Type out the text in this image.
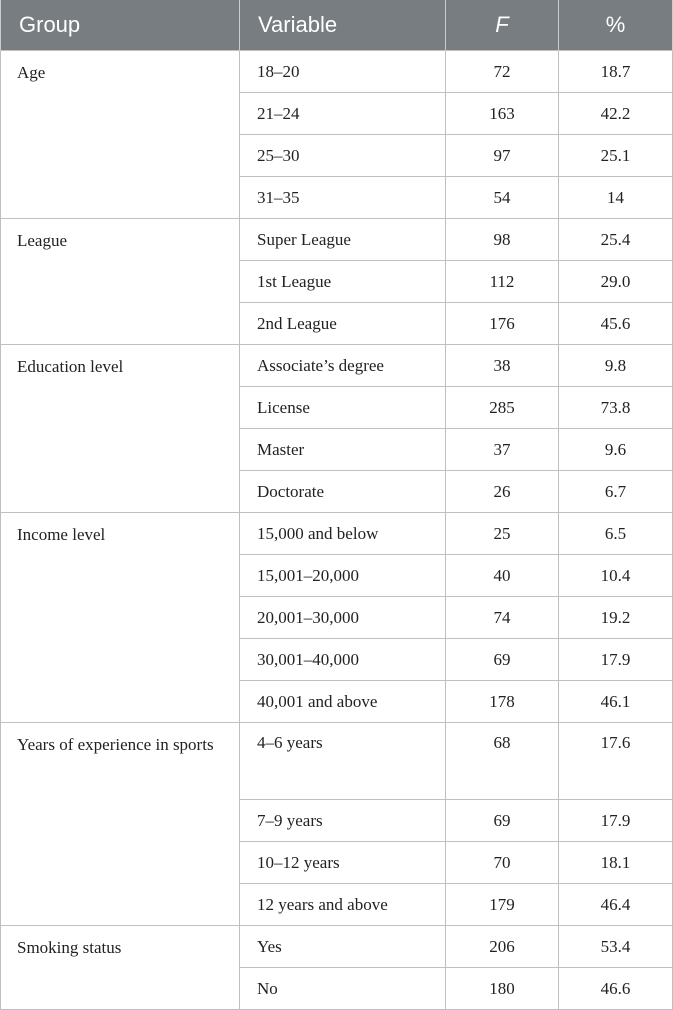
Group	Variable	F	%
Age	18–20	72	18.7
	21–24	163	42.2
	25–30	97	25.1
	31–35	54	14
League	Super League	98	25.4
	1st League	112	29.0
	2nd League	176	45.6
Education level	Associate’s degree	38	9.8
	License	285	73.8
	Master	37	9.6
	Doctorate	26	6.7
Income level	15,000 and below	25	6.5
	15,001–20,000	40	10.4
	20,001–30,000	74	19.2
	30,001–40,000	69	17.9
	40,001 and above	178	46.1
Years of experience in sports	4–6 years	68	17.6
	7–9 years	69	17.9
	10–12 years	70	18.1
	12 years and above	179	46.4
Smoking status	Yes	206	53.4
	No	180	46.6
